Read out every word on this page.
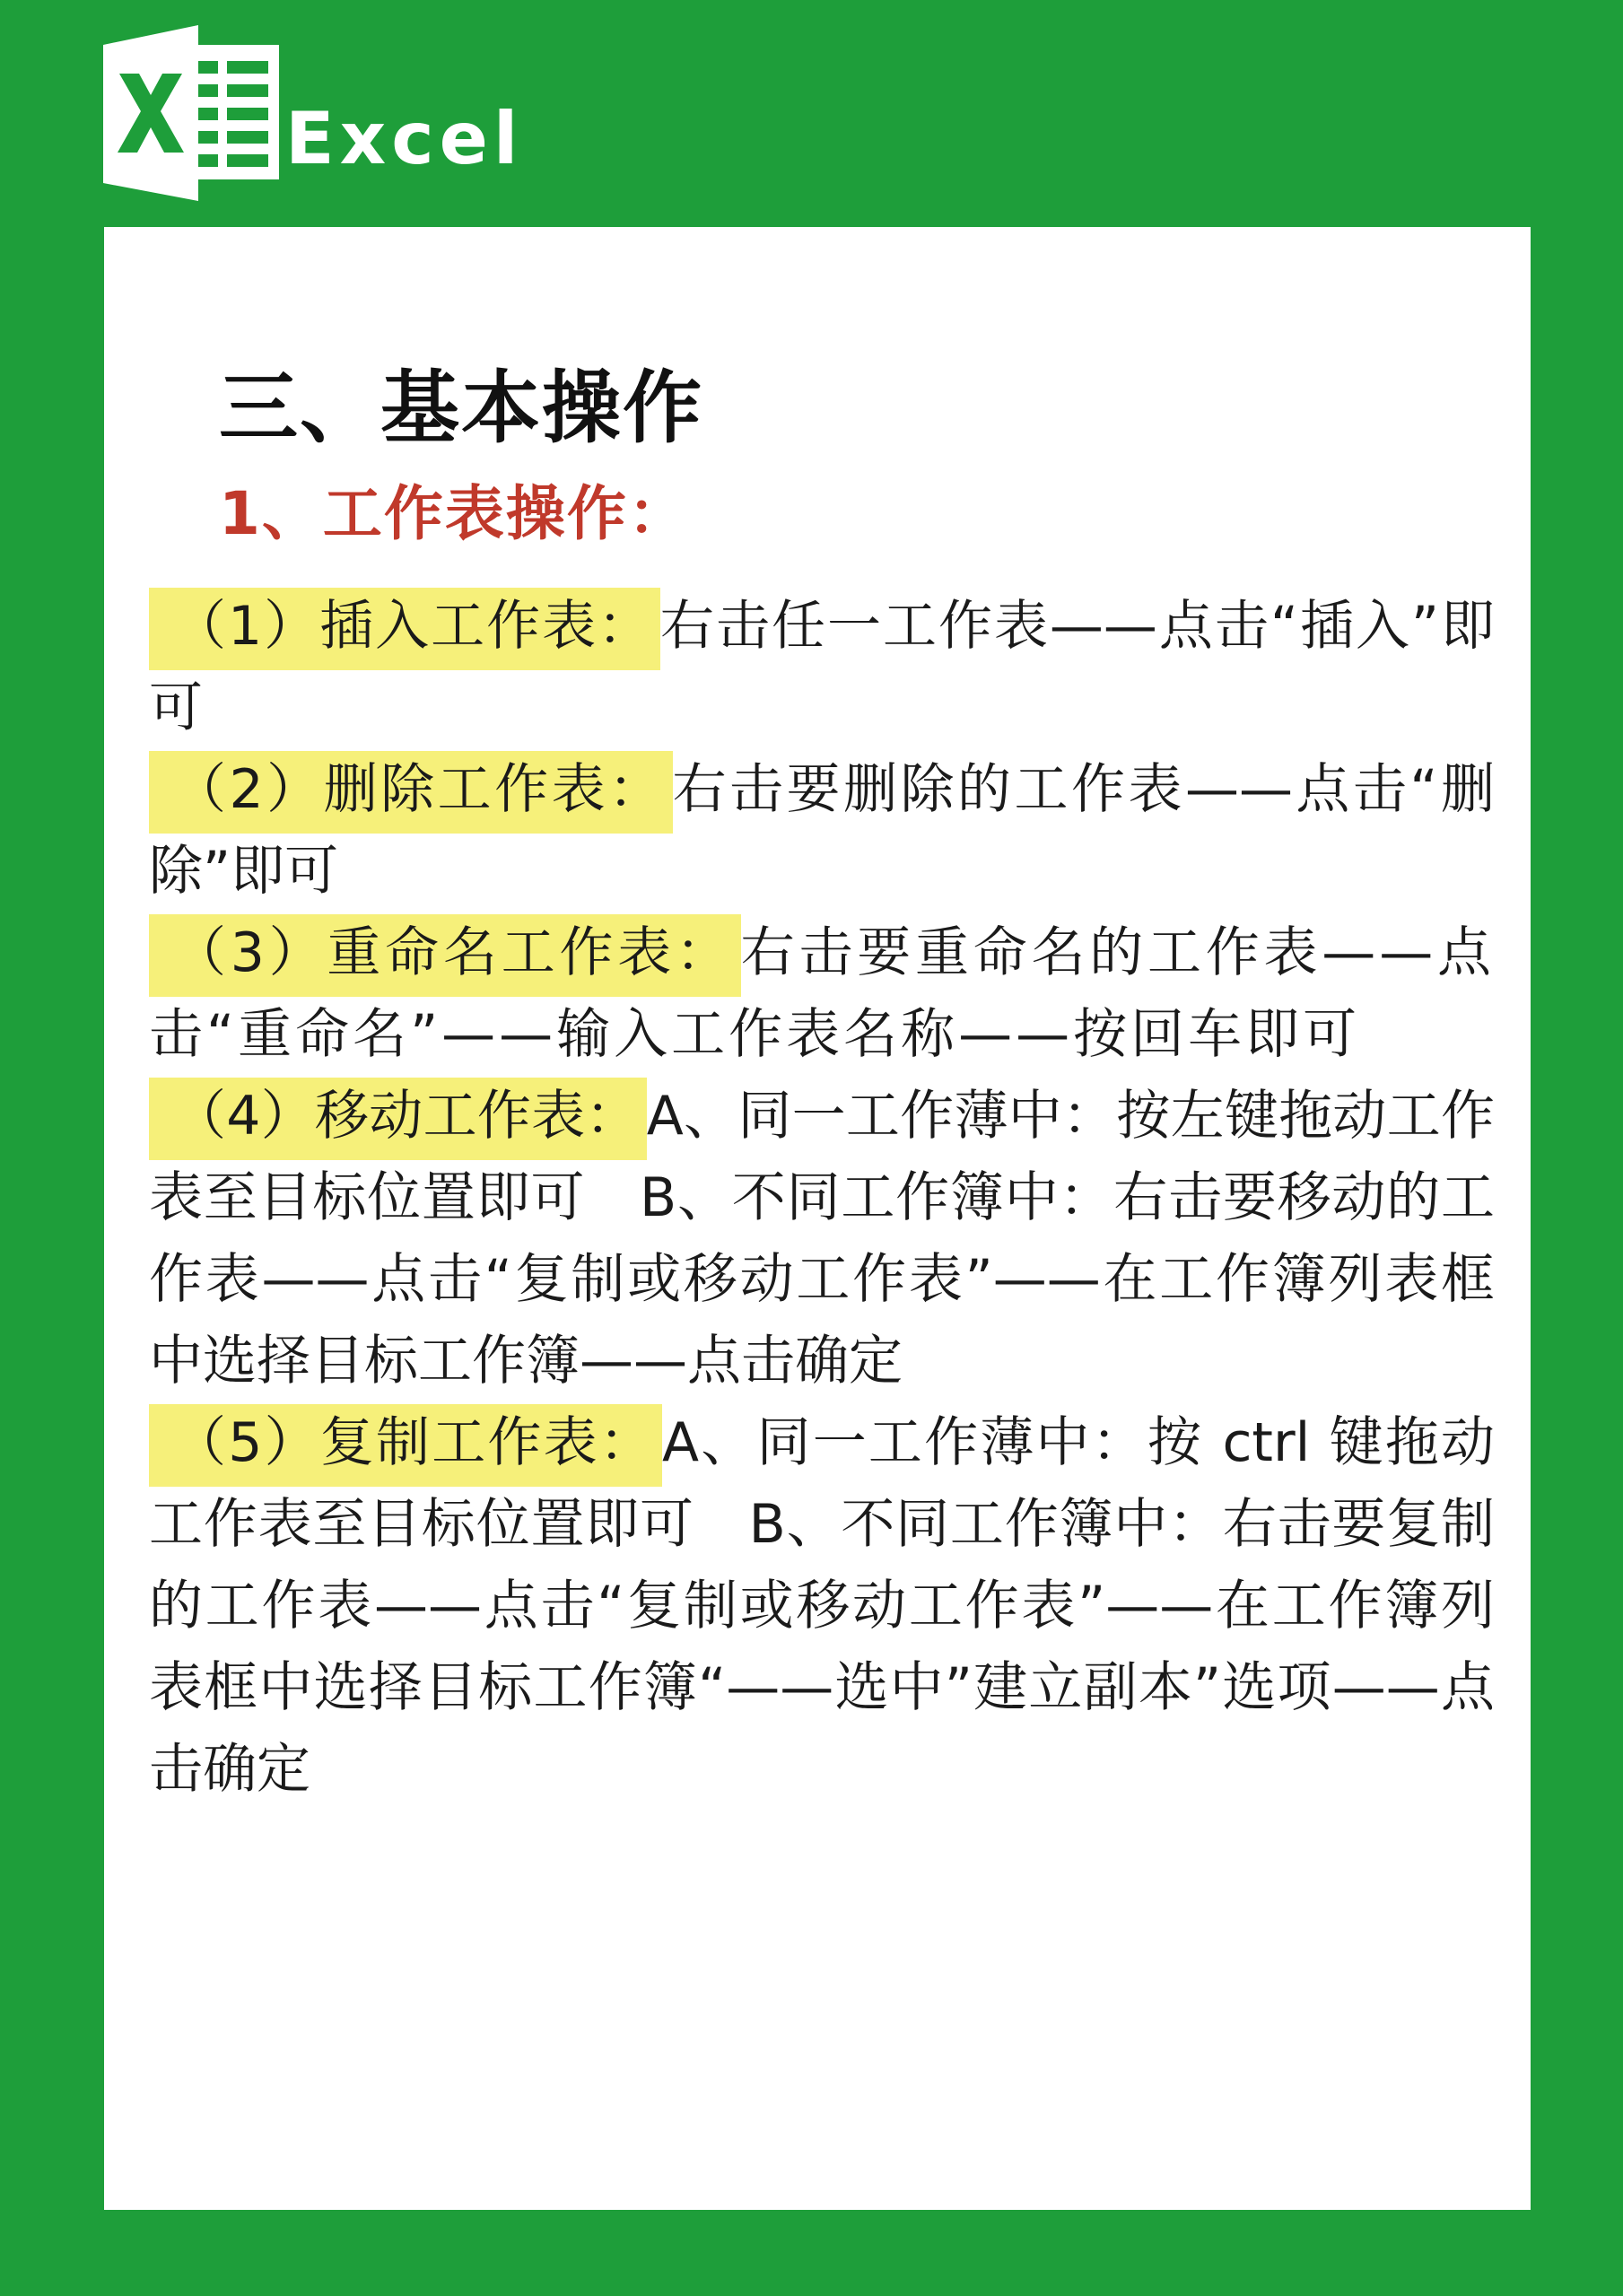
Excel
三、基本操作
1、工作表操作：

（1）插入工作表： 右击任一工作表——点击“插入”即可

（2）删除工作表： 右击要删除的工作表——点击“删除”即可

（3）重命名工作表： 右击要重命名的工作表——点击“重命名”——输入工作表名称——按回车即可

（4）移动工作表： A、同一工作薄中：按左键拖动工作表至目标位置即可　B、不同工作簿中：右击要移动的工作表——点击“复制或移动工作表”——在工作簿列表框中选择目标工作簿——点击确定

（5）复制工作表： A、同一工作薄中：按 ctrl 键拖动工作表至目标位置即可　B、不同工作簿中：右击要复制的工作表——点击“复制或移动工作表”——在工作簿列表框中选择目标工作簿“——选中”建立副本”选项——点击确定
